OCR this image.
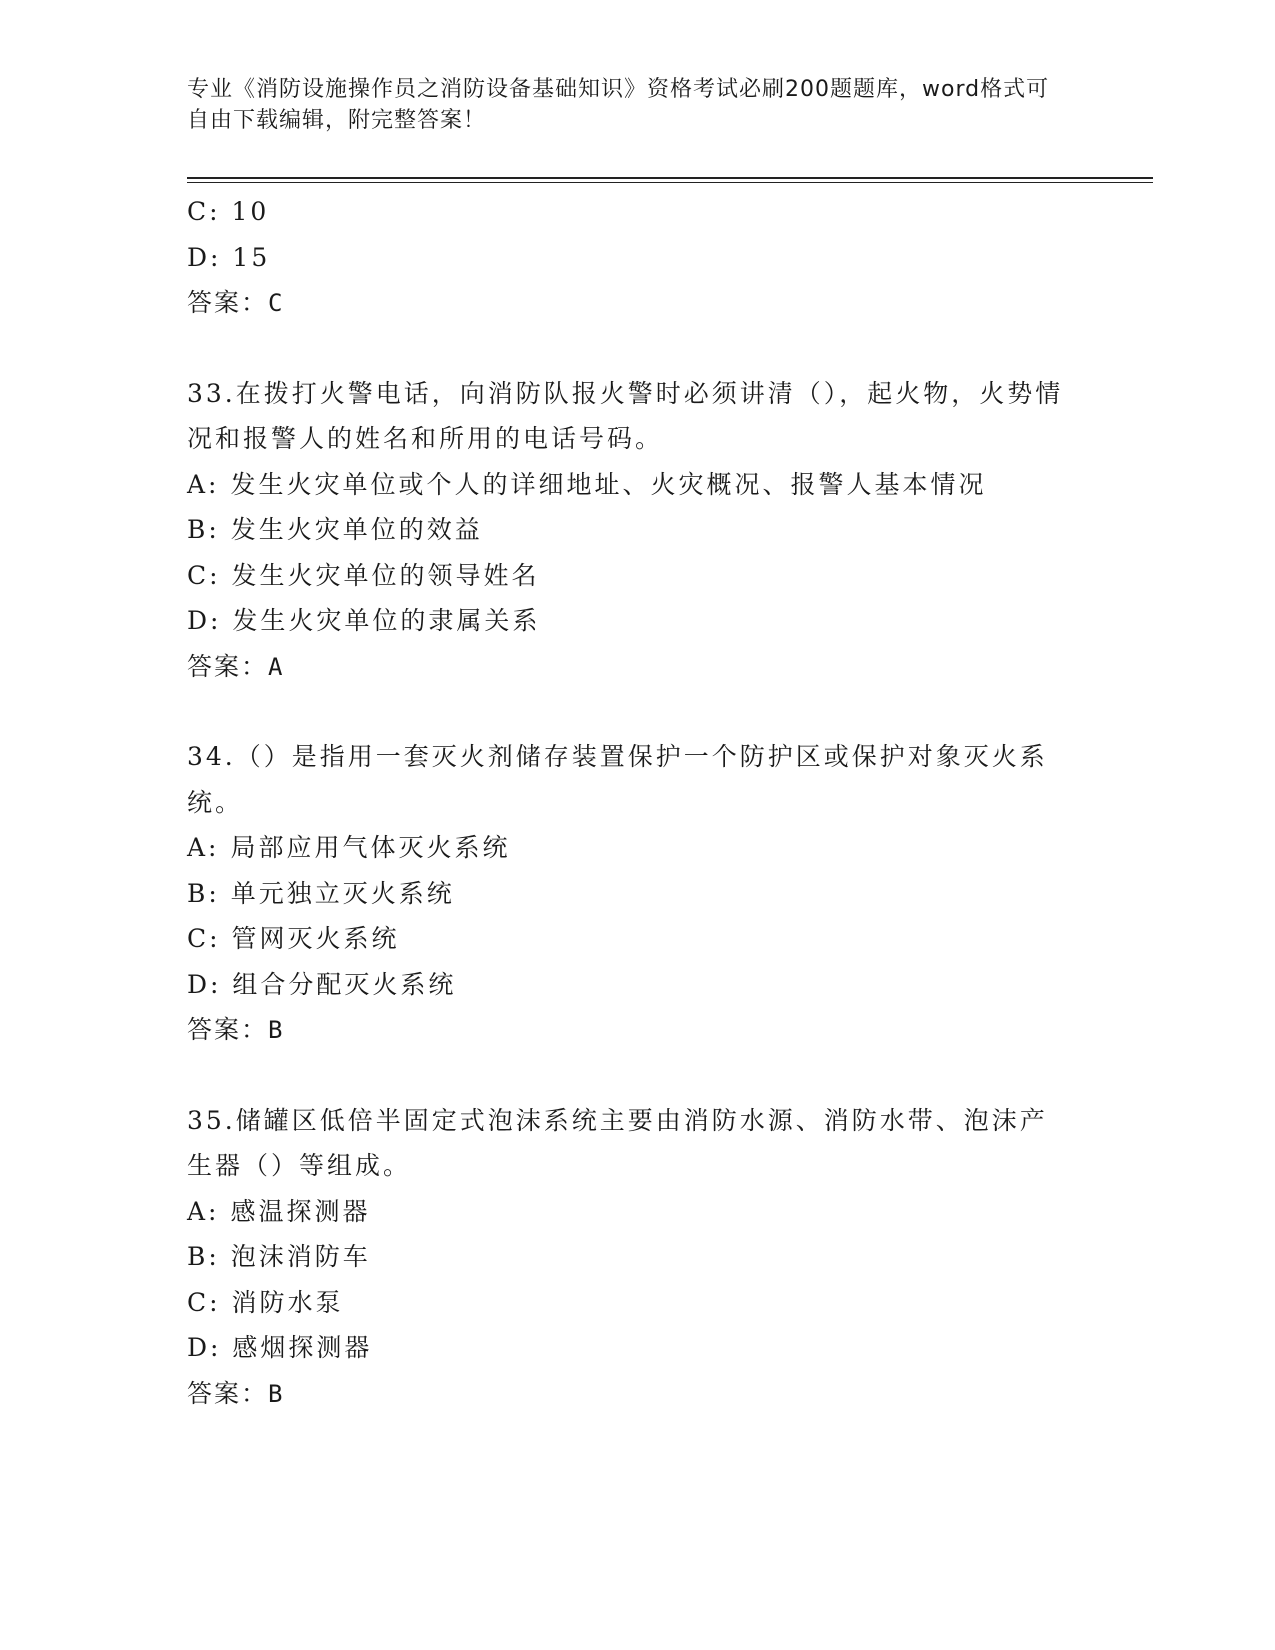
专业《消防设施操作员之消防设备基础知识》资格考试必刷200题题库，word格式可自由下载编辑，附完整答案！
C: 10
D: 15
答案：C
33.在拨打火警电话，向消防队报火警时必须讲清（），起火物，火势情况和报警人的姓名和所用的电话号码。
A: 发生火灾单位或个人的详细地址、火灾概况、报警人基本情况
B: 发生火灾单位的效益
C: 发生火灾单位的领导姓名
D: 发生火灾单位的隶属关系
答案：A
34.（）是指用一套灭火剂储存装置保护一个防护区或保护对象灭火系统。
A: 局部应用气体灭火系统
B: 单元独立灭火系统
C: 管网灭火系统
D: 组合分配灭火系统
答案：B
35.储罐区低倍半固定式泡沫系统主要由消防水源、消防水带、泡沫产生器（）等组成。
A: 感温探测器
B: 泡沫消防车
C: 消防水泵
D: 感烟探测器
答案：B
